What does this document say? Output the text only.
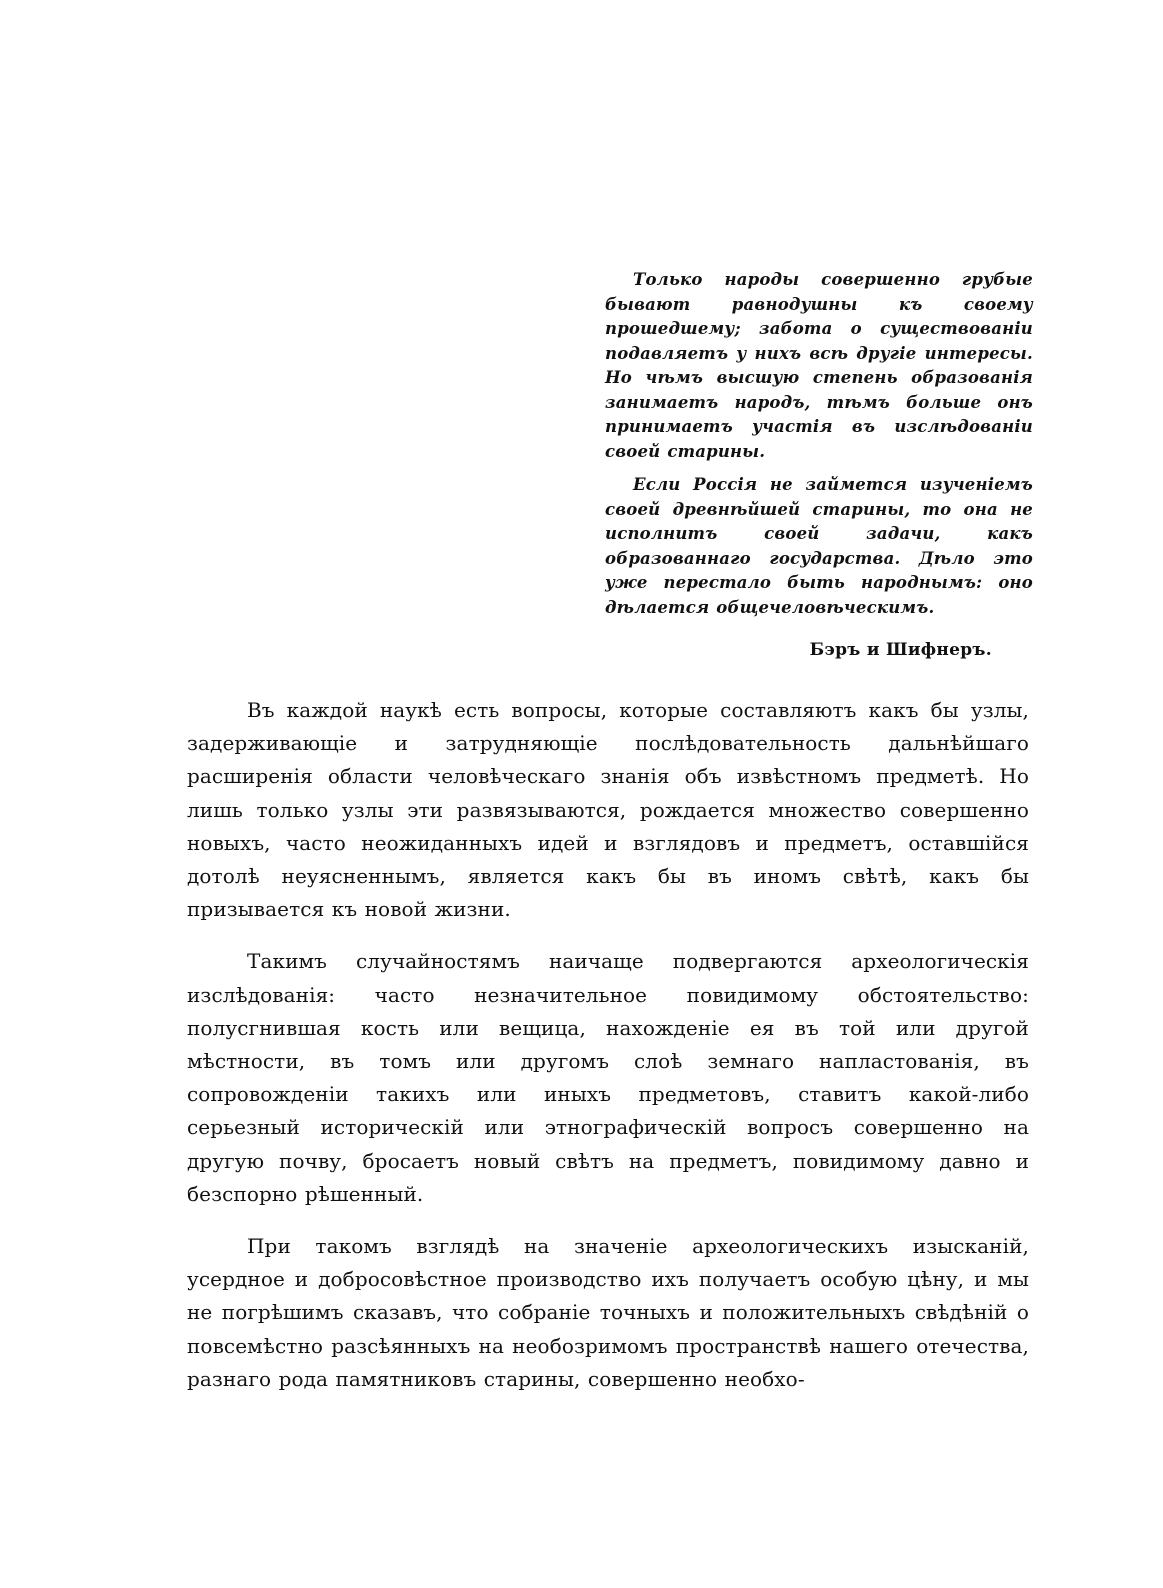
Только народы совершенно грубые бывают равнодушны къ своему прошедшему; забота о существованіи подавляетъ у нихъ всѣ другіе интересы. Но чѣмъ высшую степень образованія занимаетъ народъ, тѣмъ больше онъ принимаетъ участія въ изслѣдованіи своей старины.

Если Россія не займется изученіемъ своей древнѣйшей старины, то она не исполнитъ своей задачи, какъ образованнаго государства. Дѣло это уже перестало быть народнымъ: оно дѣлается общечеловѣческимъ.

Бэръ и Шифнеръ.

Въ каждой наукѣ есть вопросы, которые составляютъ какъ бы узлы, задерживающіе и затрудняющіе послѣдовательность дальнѣйшаго расширенія области человѣческаго знанія объ извѣстномъ предметѣ. Но лишь только узлы эти развязываются, рождается множество совершенно новыхъ, часто неожиданныхъ идей и взглядовъ и предметъ, оставшійся дотолѣ неуясненнымъ, является какъ бы въ иномъ свѣтѣ, какъ бы призывается къ новой жизни.

Такимъ случайностямъ наичаще подвергаются археологическія изслѣдованія: часто незначительное повидимому обстоятельство: полусгнившая кость или вещица, нахожденіе ея въ той или другой мѣстности, въ томъ или другомъ слоѣ земнаго напластованія, въ сопровожденіи такихъ или иныхъ предметовъ, ставитъ какой-либо серьезный историческій или этнографическій вопросъ совершенно на другую почву, бросаетъ новый свѣтъ на предметъ, повидимому давно и безспорно рѣшенный.

При такомъ взглядѣ на значеніе археологическихъ изысканій, усердное и добросовѣстное производство ихъ получаетъ особую цѣну, и мы не погрѣшимъ сказавъ, что собраніе точныхъ и положительныхъ свѣдѣній о повсемѣстно разсѣянныхъ на необозримомъ пространствѣ нашего отечества, разнаго рода памятниковъ старины, совершенно необхо-
